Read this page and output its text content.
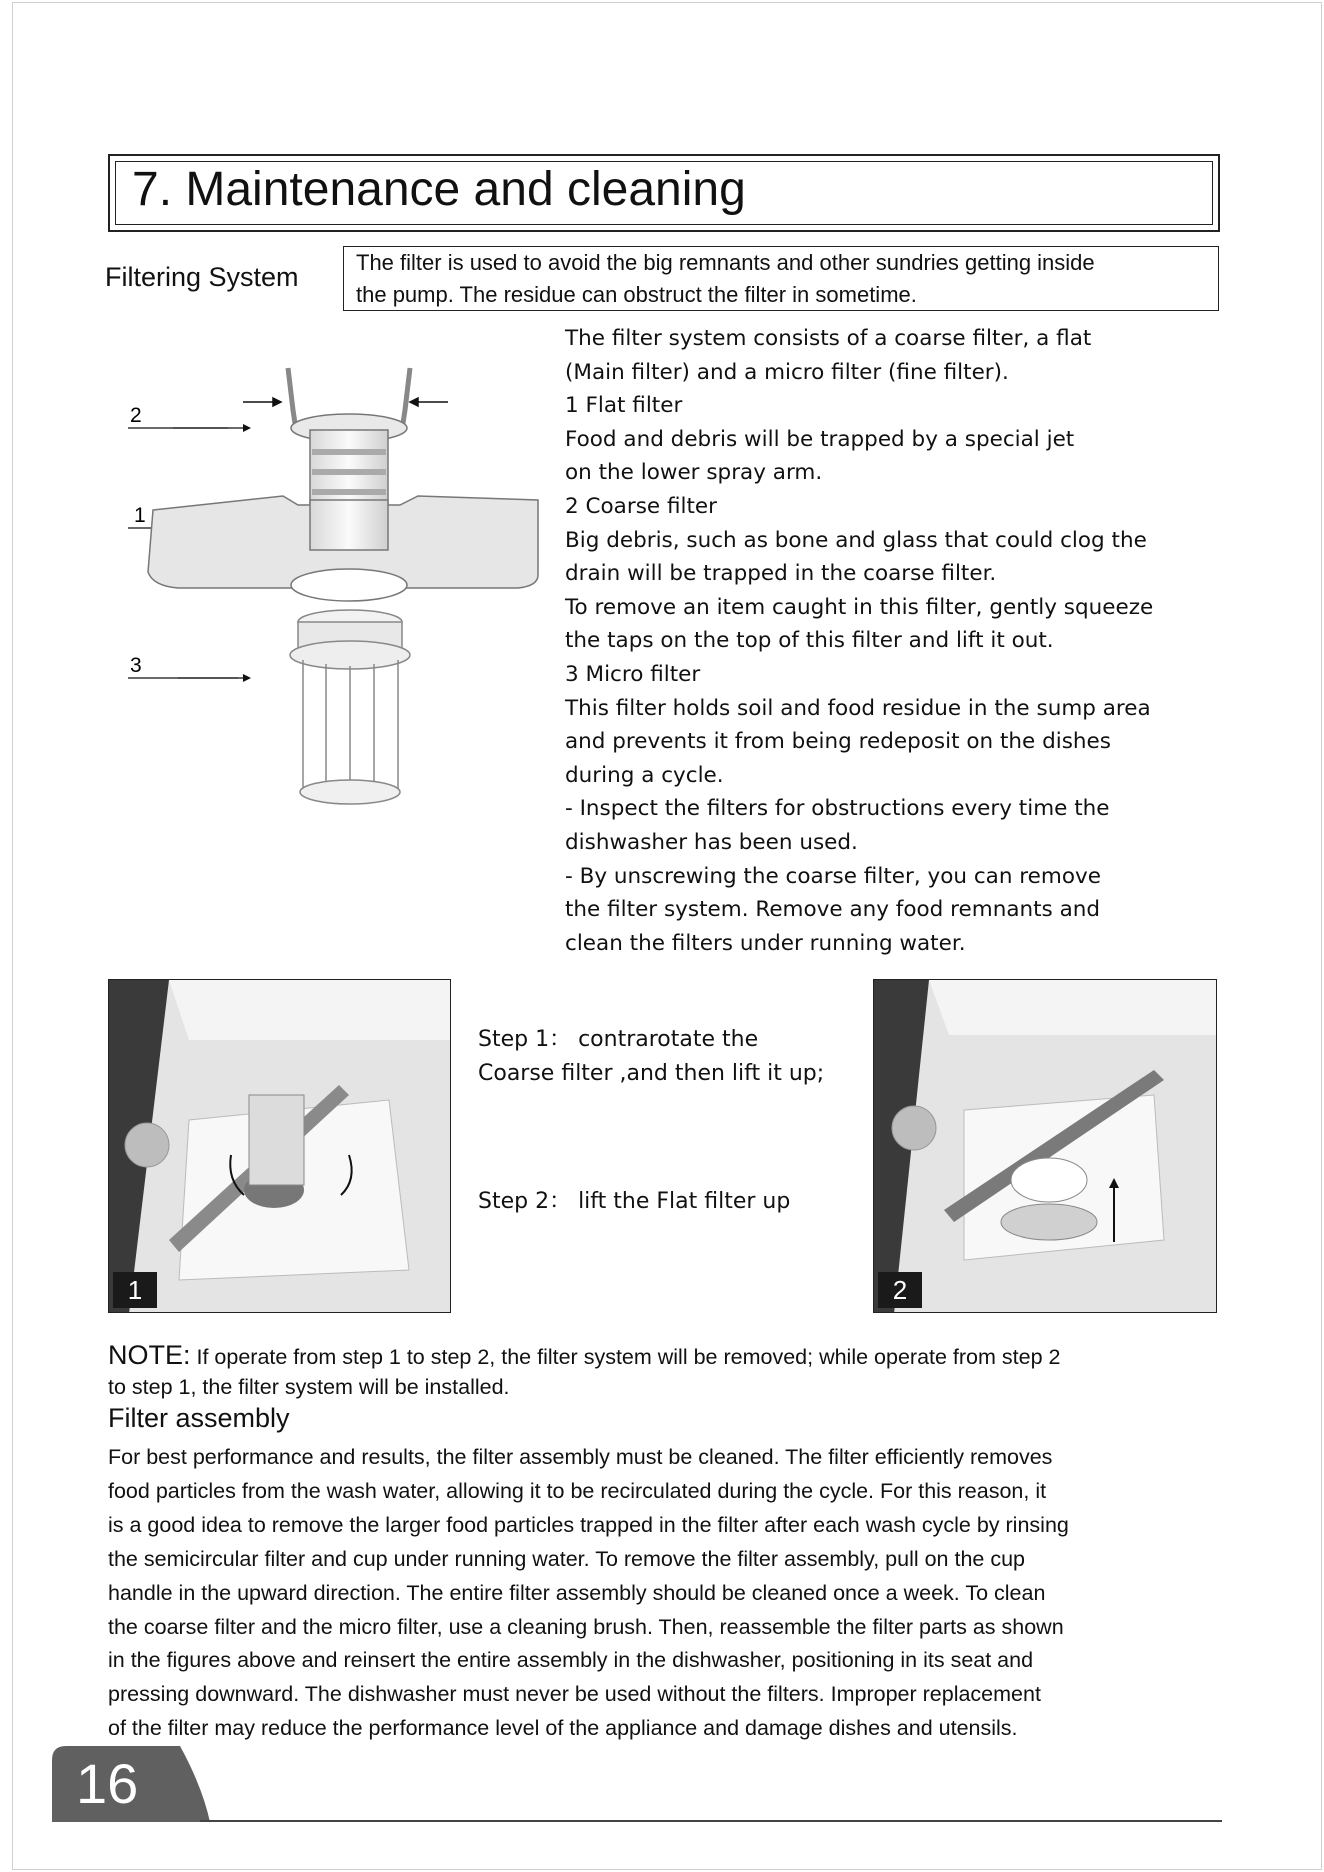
7. Maintenance and cleaning
Filtering System	The filter is used to avoid the big remnants and other sundries getting inside
the pump. The residue can obstruct the filter in sometime.
2
1
3
The filter system consists of a coarse filter, a flat
(Main filter) and a micro filter (fine filter).
1 Flat filter
Food and debris will be trapped by a special jet
on the lower spray arm.
2 Coarse filter
Big debris, such as bone and glass that could clog the
drain will be trapped in the coarse filter.
To remove an item caught in this filter, gently squeeze
the taps on the top of this filter and lift it out.
3 Micro filter
This filter holds soil and food residue in the sump area
and prevents it from being redeposit on the dishes
during a cycle.
- Inspect the filters for obstructions every time the
dishwasher has been used.
- By unscrewing the coarse filter, you can remove
the filter system. Remove any food remnants and
clean the filters under running water.
1
Step 1： contrarotate the
Coarse filter ,and then lift it up;
Step 2： lift the Flat filter up
2
NOTE: If operate from step 1 to step 2, the filter system will be removed; while operate from step 2
to step 1, the filter system will be installed.
Filter assembly
For best performance and results, the filter assembly must be cleaned. The filter efficiently removes
food particles from the wash water, allowing it to be recirculated during the cycle. For this reason, it
is a good idea to remove the larger food particles trapped in the filter after each wash cycle by rinsing
the semicircular filter and cup under running water. To remove the filter assembly, pull on the cup
handle in the upward direction. The entire filter assembly should be cleaned once a week. To clean
the coarse filter and the micro filter, use a cleaning brush. Then, reassemble the filter parts as shown
in the figures above and reinsert the entire assembly in the dishwasher, positioning in its seat and
pressing downward. The dishwasher must never be used without the filters. Improper replacement
of the filter may reduce the performance level of the appliance and damage dishes and utensils.
16
